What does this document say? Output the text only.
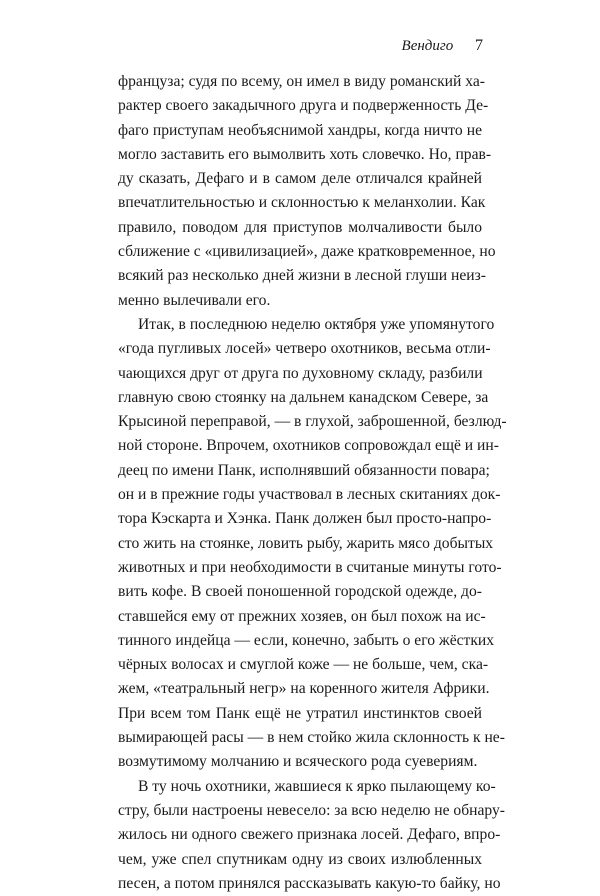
Вендиго 7
француза; судя по всему, он имел в виду романский ха-
рактер своего закадычного друга и подверженность Де-
фаго приступам необъяснимой хандры, когда ничто не
могло заставить его вымолвить хоть словечко. Но, прав-
ду сказать, Дефаго и в самом деле отличался крайней
впечатлительностью и склонностью к меланхолии. Как
правило, поводом для приступов молчаливости было
сближение с «цивилизацией», даже кратковременное, но
всякий раз несколько дней жизни в лесной глуши неиз-
менно вылечивали его.
Итак, в последнюю неделю октября уже упомянутого
«года пугливых лосей» четверо охотников, весьма отли-
чающихся друг от друга по духовному складу, разбили
главную свою стоянку на дальнем канадском Севере, за
Крысиной переправой, — в глухой, заброшенной, безлюд-
ной стороне. Впрочем, охотников сопровождал ещё и ин-
деец по имени Панк, исполнявший обязанности повара;
он и в прежние годы участвовал в лесных скитаниях док-
тора Кэскарта и Хэнка. Панк должен был просто-напро-
сто жить на стоянке, ловить рыбу, жарить мясо добытых
животных и при необходимости в считаные минуты гото-
вить кофе. В своей поношенной городской одежде, до-
ставшейся ему от прежних хозяев, он был похож на ис-
тинного индейца — если, конечно, забыть о его жёстких
чёрных волосах и смуглой коже — не больше, чем, ска-
жем, «театральный негр» на коренного жителя Африки.
При всем том Панк ещё не утратил инстинктов своей
вымирающей расы — в нем стойко жила склонность к не-
возмутимому молчанию и всяческого рода суевериям.
В ту ночь охотники, жавшиеся к ярко пылающему ко-
стру, были настроены невесело: за всю неделю не обнару-
жилось ни одного свежего признака лосей. Дефаго, впро-
чем, уже спел спутникам одну из своих излюбленных
песен, а потом принялся рассказывать какую-то байку, но
